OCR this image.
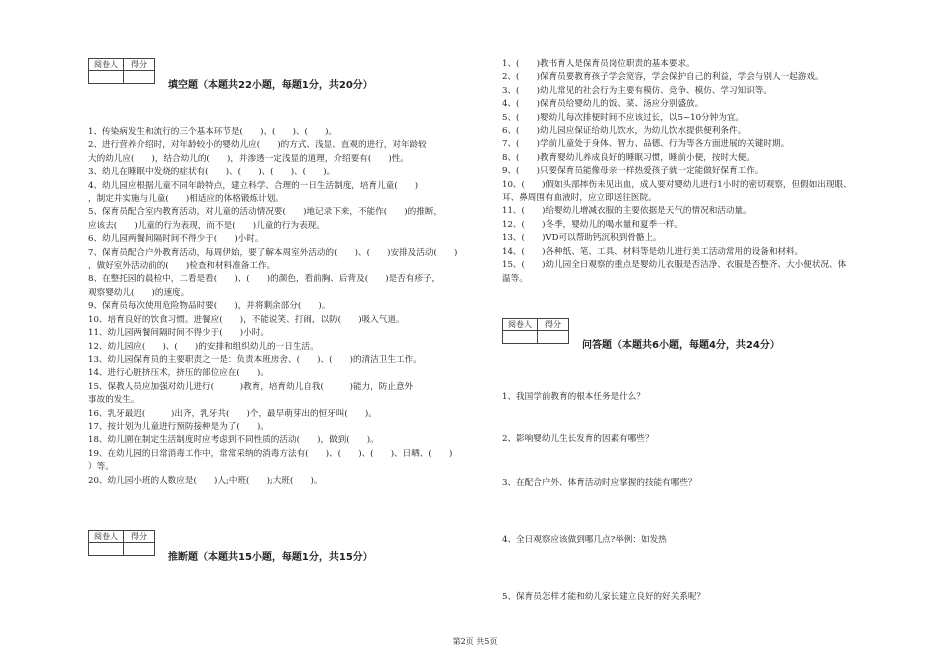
阅卷人	得分

填空题（本题共22小题，每题1分，共20分）
1、传染病发生和流行的三个基本环节是(　　)、(　　)、(　　)。
2、进行营养介绍时，对年龄较小的婴幼儿应(　　)的方式、浅显、直观的进行，对年龄较
大的幼儿应(　　)，结合幼儿的(　　)，并渗透一定浅显的道理，介绍要有(　　)性。
3、幼儿在睡眠中发烧的症状有(　　)、(　　)、(　　)、(　　)。
4、幼儿园应根据儿童不同年龄特点，建立科学、合理的一日生活制度，培育儿童(　　)
，制定并实施与儿童(　　)相适应的体格锻炼计划。
5、保育员配合室内教育活动，对儿童的活动情况要(　　)地记录下来，不能作(　　)的推断，
应该去(　　)儿童的行为表现，而不是(　　)儿童的行为表现。
6、幼儿园两餐间隔时间不得少于(　　)小时。
7、保育员配合户外教育活动，每周伊始，要了解本周室外活动的(　　)、(　　)安排及活动(　　)
，做好室外活动前的(　　)检查和材料准备工作。
8、在整托园的晨检中，二看是看(　　)、(　　)的颜色，看前胸、后背及(　　)是否有疹子，
观察婴幼儿(　　)的速度。
9、保育员每次使用危险物品时要(　　)，并将剩余部分(　　)。
10、培育良好的饮食习惯。进餐应(　　)，不能说笑、打闹，以防(　　)吸入气道。
11、幼儿园两餐间隔时间不得少于(　　)小时。
12、幼儿园应(　　)、(　　)的安排和组织幼儿的一日生活。
13、幼儿园保育员的主要职责之一是：负责本班房舍、(　　)、(　　)的清洁卫生工作。
14、进行心脏挤压术，挤压的部位应在(　　)。
15、保教人员应加强对幼儿进行(　　　)教育，培育幼儿自我(　　　)能力，防止意外
事故的发生。
16、乳牙最迟(　　　)出齐，乳牙共(　　)个，最早萌芽出的恒牙叫(　　)。
17、按计划为儿童进行预防接种是为了(　　)。
18、幼儿園在制定生活制度时应考虑到不同性质的活动(　　)，做到(　　)。
19、在幼儿园的日常消毒工作中，常常采纳的消毒方法有(　　)、(　　)、(　　)、日晒、(　　)
）等。
20、幼儿园小班的人数应是(　　)人;中班(　　);大班(　　)。
阅卷人	得分

推断题（本题共15小题，每题1分，共15分）
1、(　　)教书育人是保育员岗位职责的基本要求。
2、(　　)保育员要教育孩子学会宽容，学会保护自己的利益，学会与别人一起游戏。
3、(　　)幼儿常见的社会行为主要有模仿、竞争、模仿、学习知识等。
4、(　　)保育员给婴幼儿的饭、菜、汤应分别盛放。
5、(　　)婴幼儿每次排便时间不应该过长，以5~10分钟为宜。
6、(　　)幼儿园应保证给幼儿饮水，为幼儿饮水提供便利条件。
7、(　　)学前儿童处于身体、智力、品德、行为等各方面进展的关键时期。
8、(　　)教育婴幼儿养成良好的睡眠习惯，睡前小便，按时大便。
9、(　　)只要保育员能像母亲一样热爱孩子就一定能做好保育工作。
10、(　　)假如头部摔伤未见出血，成人要对婴幼儿进行1小时的密切观察，但假如出现眼、
耳、鼻周围有血液时，应立即送往医院。
11、(　　)给婴幼儿增减衣服的主要依据是天气的情况和活动量。
12、(　　)冬季，婴幼儿的喝水量和夏季一样。
13、(　　)VD可以帮助钙沉积到骨骼上。
14、(　　)各种纸、笔、工具、材料等是幼儿进行美工活动常用的设备和材料。
15、(　　)幼儿园全日观察的重点是婴幼儿衣服是否洁净、衣服是否整齐、大小便状况、体
温等。
阅卷人	得分

问答题（本题共6小题，每题4分，共24分）
1、我国学前教育的根本任务是什么？
2、影响婴幼儿生长发育的因素有哪些？
3、在配合户外、体育活动时应掌握的技能有哪些？
4、全日观察应该做到哪几点?举例：如发热
5、保育员怎样才能和幼儿家长建立良好的好关系呢？
第2页 共5页
